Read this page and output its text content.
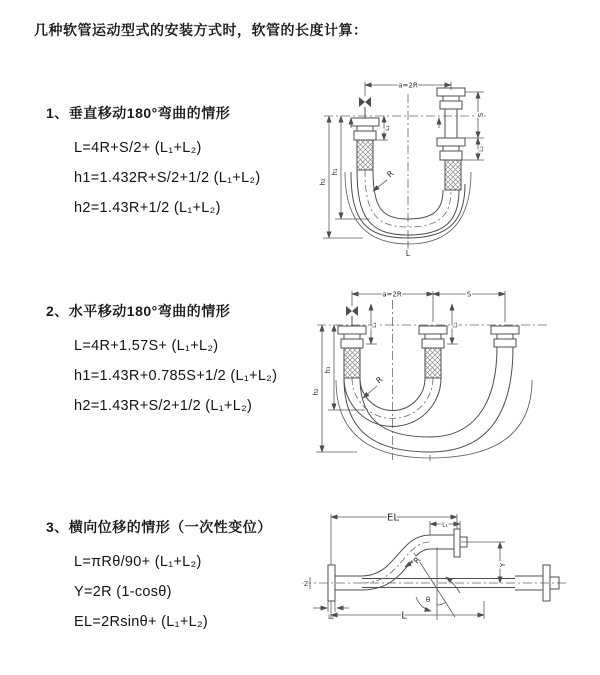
几种软管运动型式的安装方式时，软管的长度计算：
1、垂直移动180°弯曲的情形
L=4R+S/2+ (L₁+L₂)
h1=1.432R+S/2+1/2 (L₁+L₂)
h2=1.43R+1/2 (L₁+L₂)
2、水平移动180°弯曲的情形
L=4R+1.57S+ (L₁+L₂)
h1=1.43R+0.785S+1/2 (L₁+L₂)
h2=1.43R+S/2+1/2 (L₁+L₂)
3、横向位移的情形（一次性变位）
L=πRθ/90+ (L₁+L₂)
Y=2R (1-cosθ)
EL=2Rsinθ+ (L₁+L₂)
a=2R
L
h₁
h₂
S
L₂
L₁
R
a=2R	S
L₁	L₂
h₁
h₂
R
Z
EL
L₁
Y
θ
R
L₂	L
